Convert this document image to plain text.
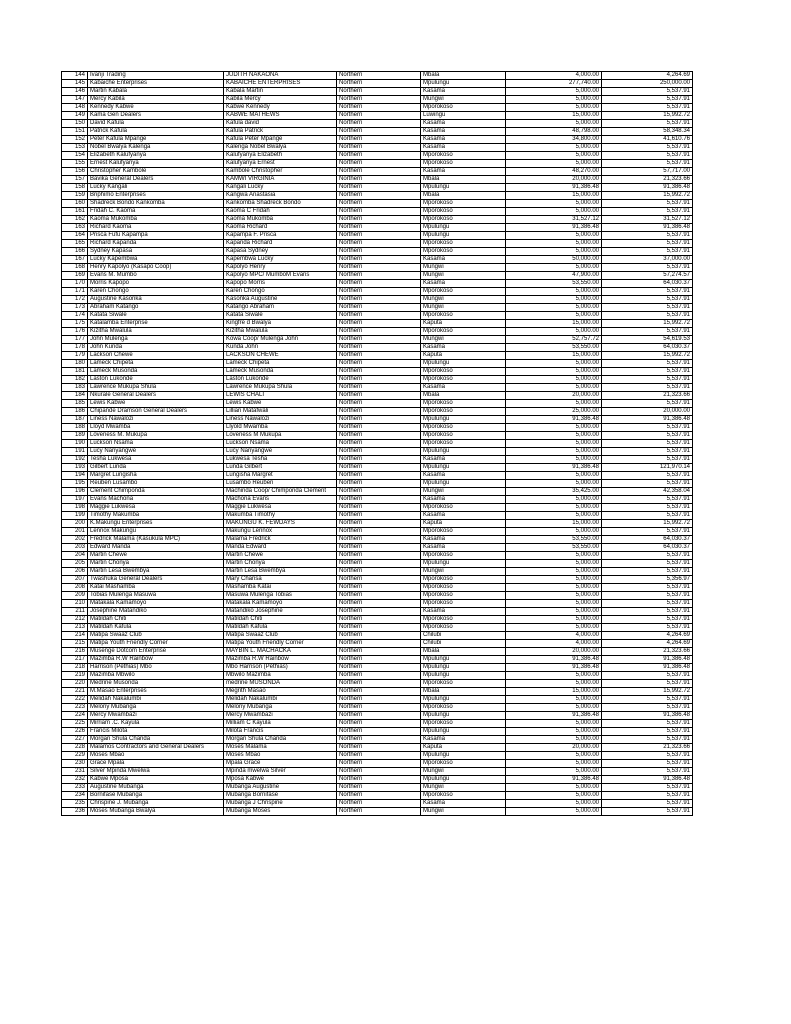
144	Ivanji Trading	JUDITH NAKAONA	Northern	Mbala	4,000.00	4,264.69
145	Kabaiche Enterprises	KABAICHE ENTERPRISES	Northern	Mpulungu	277,740.00	250,000.00
146	Martin Kabala	Kabala Martin	Northern	Kasama	5,000.00	5,537.91
147	Mercy Kabila	Kabila Mercy	Northern	Mungwi	5,000.00	5,537.91
148	Kennedy Kabwe	Kabwe Kennedy	Northern	Mporokoso	5,000.00	5,537.91
149	Kama Gen Dealers	KABWE MATHEWS	Northern	Luwingu	15,000.00	15,992.72
150	David Kafula	Kafula david	Northern	Kasama	5,000.00	5,537.91
151	Patrick Kafula	Kafula Patrick	Northern	Kasama	48,798.00	58,348.34
152	Peter Kafula Mpange	Kafula Peter Mpange	Northern	Kasama	34,800.00	41,610.76
153	Nobel Bwalya Kalenga	Kalenga Nobel Bwalya	Northern	Kasama	5,000.00	5,537.91
154	Elizabeth Kalufyanya	Kalufyanya Elizabeth	Northern	Mporokoso	5,000.00	5,537.91
155	Ernest Kalufyanya	Kalufyanya Ernest	Northern	Mporokoso	5,000.00	5,537.91
156	Christopher Kambole	Kambole Christopher	Northern	Kasama	48,270.00	57,717.00
157	Bavika General Dealers	KAMWI VIRGINIA	Northern	Mbala	20,000.00	21,323.66
158	Lucky Kangali	Kangali Lucky	Northern	Mpulungu	91,386.48	91,386.48
159	Briphimo Enterprises	Kangwa Anastasia	Northern	Mbala	15,000.00	15,992.72
160	Shadreck Bondo Kankomba	Kankomba Shadreck Bondo	Northern	Mporokoso	5,000.00	5,537.91
161	Fridah C. Kaoma	Kaoma C Fridah	Northern	Mporokoso	5,000.00	5,537.91
162	Kaoma Mukomba	Kaoma Mukomba	Northern	Mporokoso	31,527.12	31,527.12
163	Richard Kaoma	Kaoma Richard	Northern	Mpulungu	91,386.48	91,386.48
164	Prisca Fufu Kapampa	Kapampa F. Prisca	Northern	Mpulungu	5,000.00	5,537.91
165	Richard Kapanda	Kapanda Richard	Northern	Mporokoso	5,000.00	5,537.91
166	Sydney Kapasa	Kapasa Sydney	Northern	Mporokoso	5,000.00	5,537.91
167	Lucky Kapembwa	Kapembwa Lucky	Northern	Kasama	50,000.00	37,000.00
168	Henry Kapolyo (Kasapo Coop)	Kapolyo Henry	Northern	Mungwi	5,000.00	5,537.91
169	Evans M. Mumbo	Kapolyo MPC/ MumboM Evans	Northern	Mungwi	47,900.00	57,274.57
170	Morris Kapopo	Kapopo Morris	Northern	Kasama	53,550.00	64,030.37
171	Karen Chongo	Karen Chongo	Northern	Mporokoso	5,000.00	5,537.91
172	Augustine Kasonka	Kasonka Augustine	Northern	Mungwi	5,000.00	5,537.91
173	Abraham Katango	Katango Abraham	Northern	Mungwi	5,000.00	5,537.91
174	Katata Siwale	Katata Siwale	Northern	Mporokoso	5,000.00	5,537.91
175	Katalamba Enterprise	Kingfre d Bwalya	Northern	Kaputa	15,000.00	15,992.72
176	Kizitha Mwalula	Kizitha Mwalula	Northern	Mporokoso	5,000.00	5,537.91
177	John Mulenga	Kowa Coop/ Mulenga John	Northern	Mungwi	52,757.72	54,619.53
178	John Kunda	Kunda John	Northern	Kasama	53,550.00	64,030.37
179	Lackson Chewe	LACKSON CHEWE	Northern	Kaputa	15,000.00	15,992.72
180	Lameck Chipeta	Lameck Chipeta	Northern	Mpulungu	5,000.00	5,537.91
181	Lameck Musonda	Lameck Musonda	Northern	Mporokoso	5,000.00	5,537.91
182	Laston Lukonde	Laston Lukonde	Northern	Mporokoso	5,000.00	5,537.91
183	Lawrence Mukupa Shula	Lawrence Mukupa Shula	Northern	Kasama	5,000.00	5,537.91
184	Nkurale General Dealers	LEWIS CHALI	Northern	Mbala	20,000.00	21,323.66
185	Lewis Kabwe	Lewis Kabwe	Northern	Mporokoso	5,000.00	5,537.91
186	Chipande Dramson General Dealers	Lillian Matafwali	Northern	Mporokoso	25,000.00	20,000.00
187	Liness Nawalozi	Liness Nawalozi	Northern	Mpulungu	91,386.48	91,386.48
188	Lloyd Mwamba	Llyold Mwamba	Northern	Mporokoso	5,000.00	5,537.91
189	Loveness M. Mukupa	Loveness M Mukupa	Northern	Mporokoso	5,000.00	5,537.91
190	Luckson Nsama	Luckson Nsama	Northern	Mporokoso	5,000.00	5,537.91
191	Lucy Nanyangwe	Lucy Nanyangwe	Northern	Mpulungu	5,000.00	5,537.91
192	Tesha Lukwesa	Lukwesa Tesha	Northern	Kasama	5,000.00	5,537.91
193	Gilbert Lunda	Lunda Gilbert	Northern	Mpulungu	91,386.48	121,970.14
194	Margret Lungisha	Lungisha Margret	Northern	Kasama	5,000.00	5,537.91
195	Reuben Lusambo	Lusambo Reuben	Northern	Mpulungu	5,000.00	5,537.91
196	Clement Chimponda	Machinda Coop/ Chimponda Clement	Northern	Mungwi	35,425.00	42,358.04
197	Evans Machona	Machona Evans	Northern	Kasama	5,000.00	5,537.91
198	Maggie Lukwesa	Maggie Lukwesa	Northern	Mporokoso	5,000.00	5,537.91
199	Timothy Makumba	Makumba Timothy	Northern	Kasama	5,000.00	5,537.91
200	K.Makungu Enterprises	MAKUNGU K. FEWDAYS	Northern	Kaputa	15,000.00	15,992.72
201	Lennox Makungu	Makungu Lennox	Northern	Mporokoso	5,000.00	5,537.91
202	Fredrick Malama (Kasukula MPC)	Malama Fredrick	Northern	Kasama	53,550.00	64,030.37
203	Edward Manda	Manda Edward	Northern	Kasama	53,550.00	64,030.37
204	Martin Chewe	Martin Chewe	Northern	Mporokoso	5,000.00	5,537.91
205	Martin Chonya	Martin Chonya	Northern	Mpulungu	5,000.00	5,537.91
206	Martin Lesa Bwembya	Martin Lesa Bwembya	Northern	Mungwi	5,000.00	5,537.91
207	Twashuka General Dealers	Mary Chansa	Northern	Mporokoso	5,000.00	5,356.97
208	Katai Mashamba	Mashamba Katai	Northern	Mporokoso	5,000.00	5,537.91
209	Tobias Mulenga Masuwa	Masuwa Mulenga Tobias	Northern	Mporokoso	5,000.00	5,537.91
210	Matakala Kamamoyo	Matakala Kamamoyo	Northern	Mporokoso	5,000.00	5,537.91
211	Josephine Matandiko	Matandiko Josephine	Northern	Kasama	5,000.00	5,537.91
212	Matildah Chiti	Matildah Chiti	Northern	Mporokoso	5,000.00	5,537.91
213	Matildah Kafula	Matildah Kafula	Northern	Mporokoso	5,000.00	5,537.91
214	Matipa Swaaz Club	Matipa Swaaz Club	Northern	Chilubi	4,000.00	4,264.69
215	Matipa Youth Friendly Corner	Matipa Youth Friendly Corner	Northern	Chilubi	4,000.00	4,264.69
216	Musenge Dotcom Enterprise	MAYBIN L. MACHACKA	Northern	Mbala	20,000.00	21,323.66
217	Mazimba R.W Rainbow	Mazimba R.W Rainbow	Northern	Mpulungu	91,386.48	91,386.48
218	Harrison (Pethias) Mbo	Mbo Harrison (Pethias)	Northern	Mpulungu	91,386.48	91,386.48
219	Mazimba Mbwilo	Mbwilo Mazimba	Northern	Mpulungu	5,000.00	5,537.91
220	Medrine Musonda	medrine MUSONDA	Northern	Mporokoso	5,000.00	5,537.91
221	M.Masao Enterprises	Megrith Masao	Northern	Mbala	15,000.00	15,992.72
222	Melidah Nakalumbi	Melidah Nakalumbi	Northern	Mpulungu	5,000.00	5,537.91
223	Melony Mubanga	Melony Mubanga	Northern	Mporokoso	5,000.00	5,537.91
224	Mercy Mwambazi	Mercy Mwambazi	Northern	Mpulungu	91,386.48	91,386.48
225	Mirriam .C. Kayula	Milliam C Kayula	Northern	Mporokoso	5,000.00	5,537.91
226	Francis Milota	Milota Francis	Northern	Mpulungu	5,000.00	5,537.91
227	Morgan Shula Chanda	Morgan Shula Chanda	Northern	Kasama	5,000.00	5,537.91
228	Malamos Contractors and General Dealers	Moses Malama	Northern	Kaputa	20,000.00	21,323.66
229	Moses Mbao	Moses Mbao	Northern	Mpulungu	5,000.00	5,537.91
230	Grace Mpala	Mpala Grace	Northern	Mporokoso	5,000.00	5,537.91
231	Silver Mpinda Mwelwa	Mpinda mwelwa Silver	Northern	Mungwi	5,000.00	5,537.91
232	Kabwe Mposa	Mposa Kabwe	Northern	Mpulungu	91,386.48	91,386.48
233	Augustine Mubanga	Mubanga Augustine	Northern	Mungwi	5,000.00	5,537.91
234	Bornifase Mubanga	Mubanga Bornifase	Northern	Mporokoso	5,000.00	5,537.91
235	Chrispine J. Mubanga	Mubanga J Chrispine	Northern	Kasama	5,000.00	5,537.91
236	Moses Mubanga Bwalya	Mubanga Moses	Northern	Mungwi	5,000.00	5,537.91
